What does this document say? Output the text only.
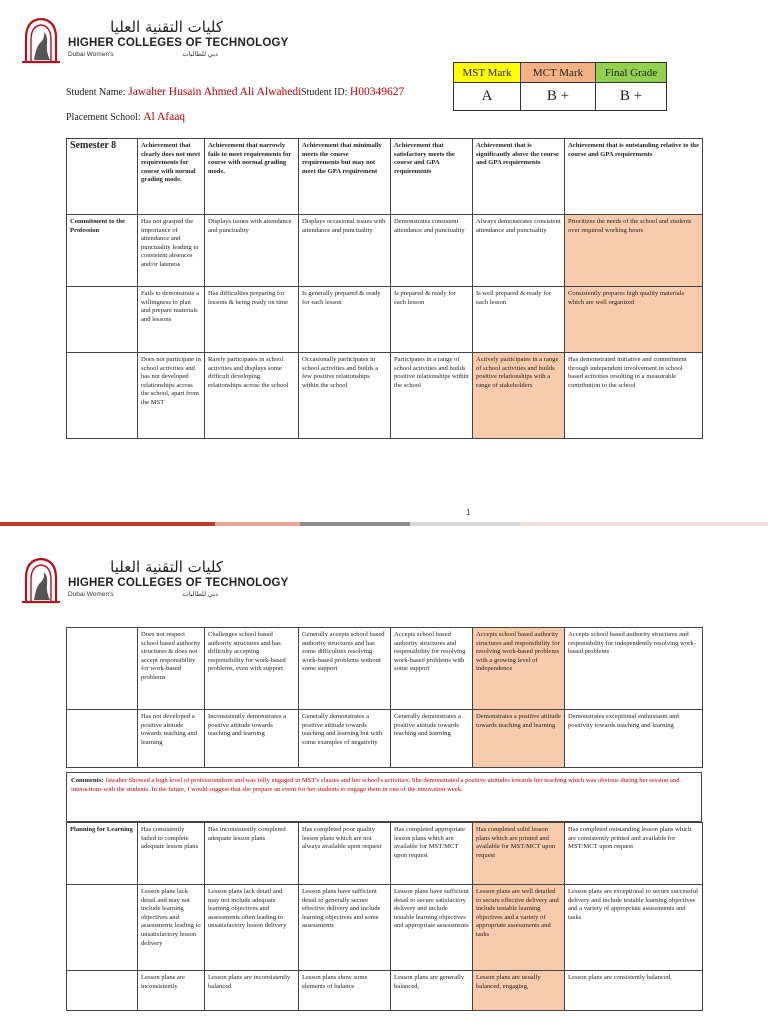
كليات التقنية العليا
HIGHER COLLEGES OF TECHNOLOGY
Dubai Women's	دبي للطالبات
MST Mark	MCT Mark	Final Grade
A	B +	B +
Student Name: Jawaher Husain Ahmed Ali Alwahedi Student ID: H00349627
Placement School: Al Afaaq
Semester 8	Achievement that clearly does not meet requirements for course with normal grading mode.	Achievement that narrowly fails to meet requirements for course with normal grading mode.	Achievement that minimally meets the course requirements but may not meet the GPA requirement	Achievement that satisfactory meets the course and GPA requirements	Achievement that is significantly above the course and GPA requirements	Achievement that is outstanding relative to the course and GPA requirements
Commitment to the Profession	Has not grasped the importance of attendance and punctuality leading to consistent absences and/or lateness	Displays issues with attendance and punctuality	Displays occasional issues with attendance and punctuality	Demonstrates consistent attendance and punctuality	Always demonstrates consistent attendance and punctuality	Prioritizes the needs of the school and students over required working hours
	Fails to demonstrate a willingness to plan and prepare materials and lessons	Has difficulties preparing for lessons & being ready on time	Is generally prepared & ready for each lesson	Is prepared & ready for each lesson	Is well prepared & ready for each lesson	Consistently prepares high quality materials which are well organized
	Does not participate in school activities and has not developed relationships across the school, apart from the MST	Rarely participates in school activities and displays some difficult developing relationships across the school	Occasionally participates in school activities and builds a few positive relationships within the school	Participates in a range of school activities and builds positive relationships within the school	Actively participates in a range of school activities and builds positive relationships with a range of stakeholders	Has demonstrated initiative and commitment through independent involvement in school based activities resulting in a measurable contribution to the school
1
كليات التقنية العليا
HIGHER COLLEGES OF TECHNOLOGY
Dubai Women's	دبي للطالبات
	Does not respect school based authority structures & does not accept responsibility for work-based problems	Challenges school based authority structures and has difficulty accepting responsibility for work-based problems, even with support	Generally accepts school based authority structures and has some difficulties resolving work-based problems without some support	Accepts school based authority structures and responsibility for resolving work-based problems with some support	Accepts school based authority structures and responsibility for resolving work-based problems with a growing level of independence	Accepts school based authority structures and responsibility for independently resolving work-based problems
	Has not developed a positive attitude towards teaching and learning	Inconsistently demonstrates a positive attitude towards teaching and learning	Generally demonstrates a positive attitude towards teaching and learning but with some examples of negativity	Generally demonstrates a positive attitude towards teaching and learning	Demonstrates a positive attitude towards teaching and learning	Demonstrates exceptional enthusiasm and positivity towards teaching and learning
Comments: Jawaher Showed a high level of professionalism and was fully engaged in MST's classes and her school's activities. She demonstrated a positive attitudes towards her teaching which was obvious during her session and interactions with the students. In the future, I would suggest that she prepare an event for her students to engage them in one of the innovation week.
Planning for Learning	Has consistently failed to complete adequate lesson plans	Has inconsistently completed adequate lesson plans	Has completed poor quality lesson plans which are not always available upon request	Has completed appropriate lesson plans which are available for MST/MCT upon request	Has completed solid lesson plans which are printed and available for MST/MCT upon request	Has completed outstanding lesson plans which are consistently printed and available for MST/MCT upon request
	Lesson plans lack detail and may not include learning objectives and assessments leading to unsatisfactory lesson delivery	Lesson plans lack detail and may not include adequate learning objectives and assessments often leading to unsatisfactory lesson delivery	Lesson plans have sufficient detail to generally secure effective delivery and include learning objectives and some assessments	Lesson plans have sufficient detail to secure satisfactory delivery and include testable learning objectives and appropriate assessments	Lesson plans are well detailed to secure effective delivery and include testable learning objectives and a variety of appropriate assessments and tasks	Lesson plans are exceptional to secure successful delivery and include testable learning objectives and a variety of appropriate assessments and tasks
	Lesson plans are inconsistently	Lesson plans are inconsistently balanced	Lesson plans show some elements of balance	Lesson plans are generally balanced,	Lesson plans are usually balanced, engaging,	Lesson plans are consistently balanced,
